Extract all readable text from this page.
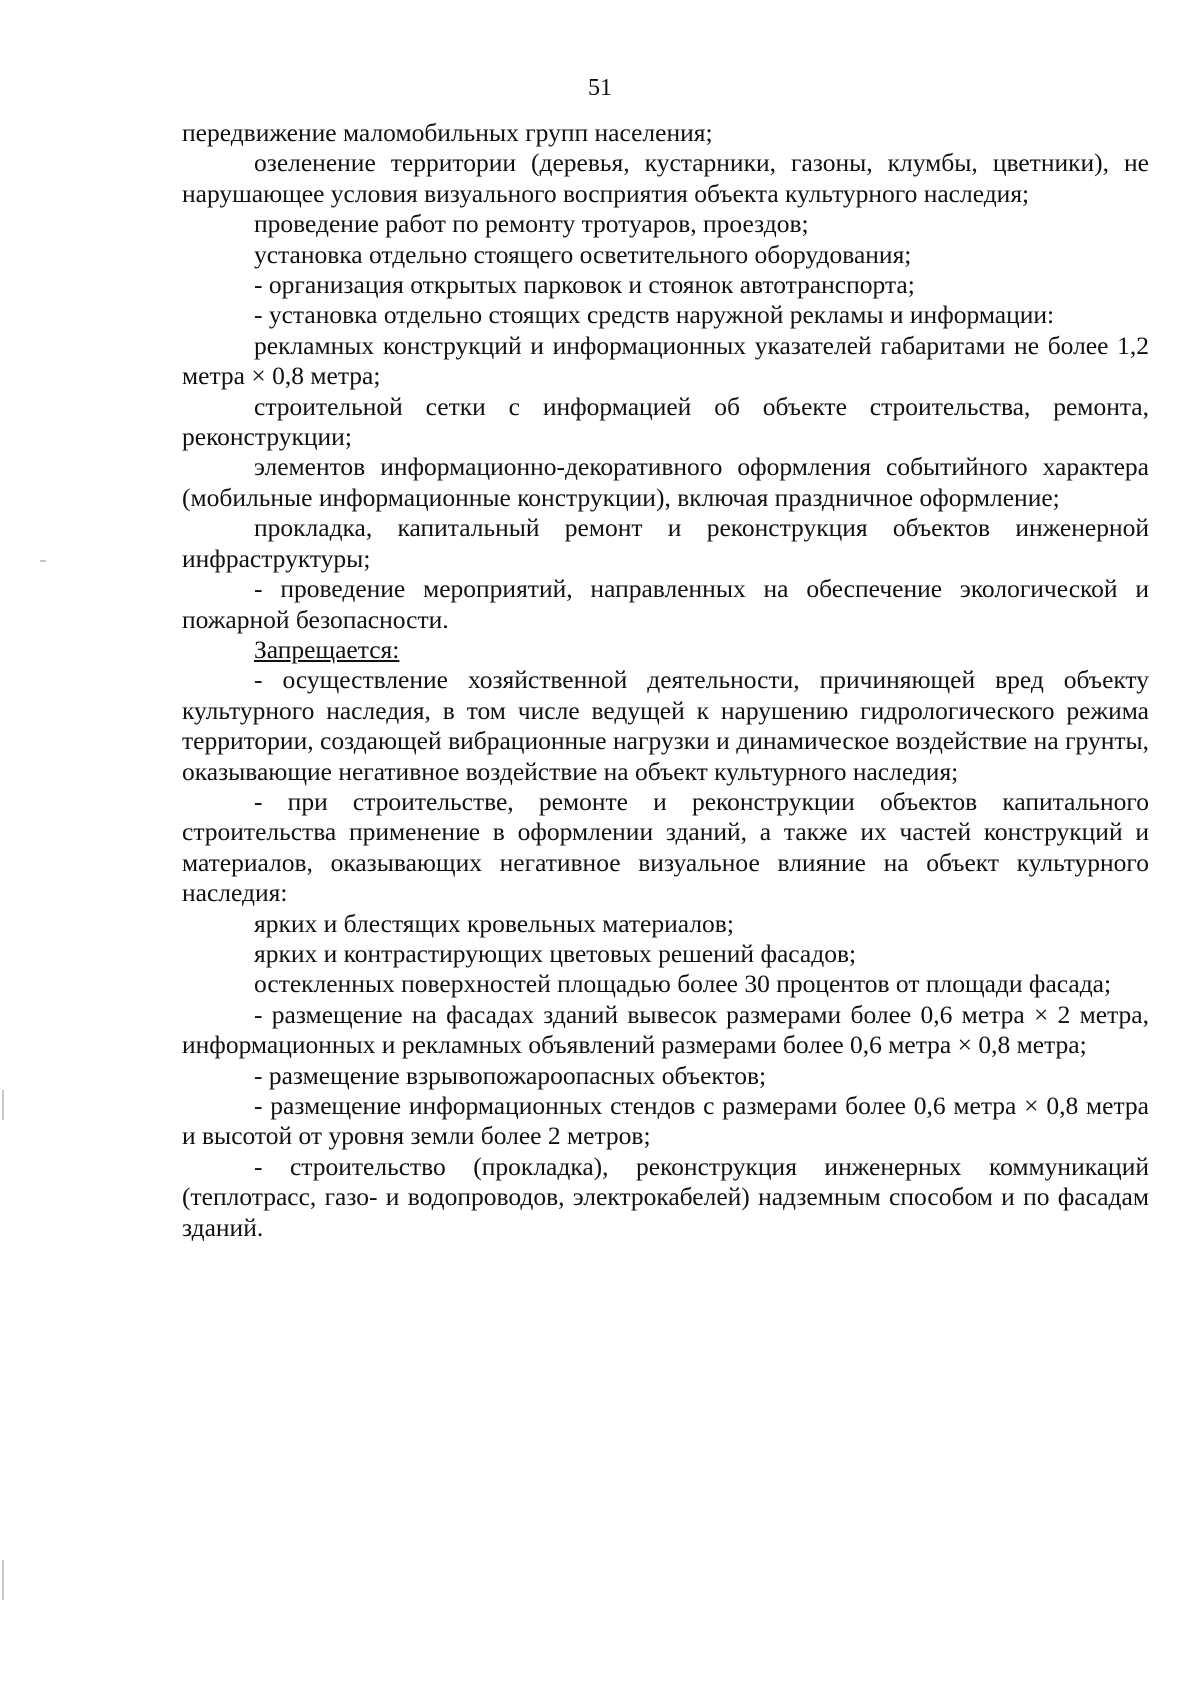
51

передвижение маломобильных групп населения;

озеленение территории (деревья, кустарники, газоны, клумбы, цветники), не нарушающее условия визуального восприятия объекта культурного наследия;

проведение работ по ремонту тротуаров, проездов;

установка отдельно стоящего осветительного оборудования;

- организация открытых парковок и стоянок автотранспорта;

- установка отдельно стоящих средств наружной рекламы и информации:

рекламных конструкций и информационных указателей габаритами не более 1,2 метра × 0,8 метра;

строительной сетки с информацией об объекте строительства, ремонта, реконструкции;

элементов информационно-декоративного оформления событийного характера (мобильные информационные конструкции), включая праздничное оформление;

прокладка, капитальный ремонт и реконструкция объектов инженерной инфраструктуры;

- проведение мероприятий, направленных на обеспечение экологической и пожарной безопасности.

Запрещается:

- осуществление хозяйственной деятельности, причиняющей вред объекту культурного наследия, в том числе ведущей к нарушению гидрологического режима территории, создающей вибрационные нагрузки и динамическое воздействие на грунты, оказывающие негативное воздействие на объект культурного наследия;

- при строительстве, ремонте и реконструкции объектов капитального строительства применение в оформлении зданий, а также их частей конструкций и материалов, оказывающих негативное визуальное влияние на объект культурного наследия:

ярких и блестящих кровельных материалов;

ярких и контрастирующих цветовых решений фасадов;

остекленных поверхностей площадью более 30 процентов от площади фасада;

- размещение на фасадах зданий вывесок размерами более 0,6 метра × 2 метра, информационных и рекламных объявлений размерами более 0,6 метра × 0,8 метра;

- размещение взрывопожароопасных объектов;

- размещение информационных стендов с размерами более 0,6 метра × 0,8 метра и высотой от уровня земли более 2 метров;

- строительство (прокладка), реконструкция инженерных коммуникаций (теплотрасс, газо- и водопроводов, электрокабелей) надземным способом и по фасадам зданий.
